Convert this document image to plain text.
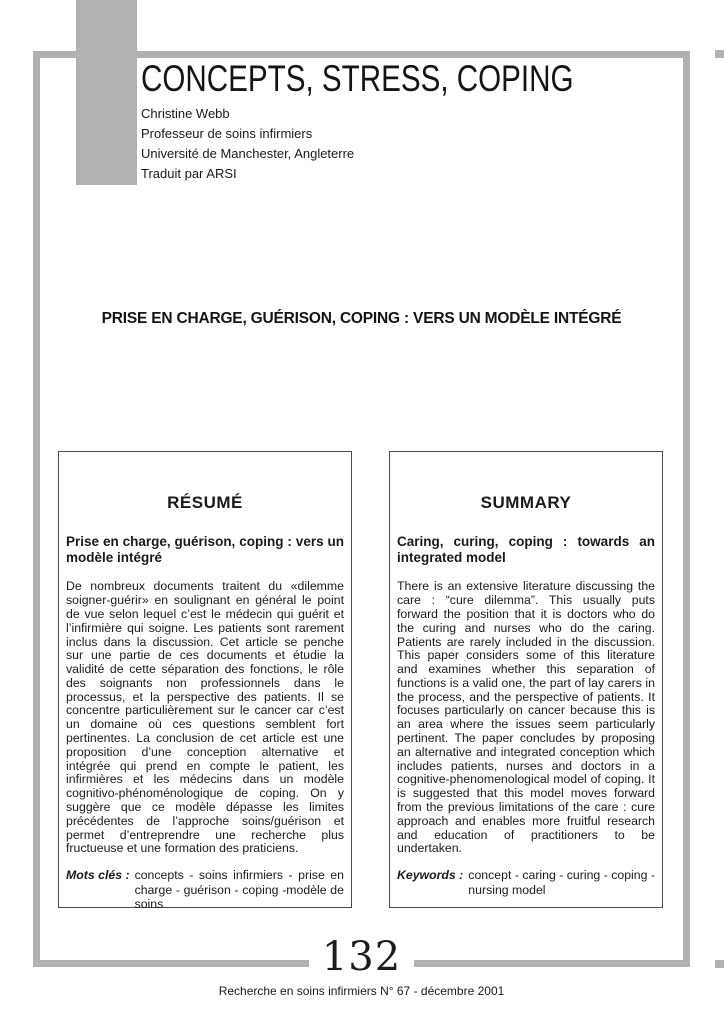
CONCEPTS, STRESS, COPING
Christine Webb
Professeur de soins infirmiers
Université de Manchester, Angleterre
Traduit par ARSI
PRISE EN CHARGE, GUÉRISON, COPING : VERS UN MODÈLE INTÉGRÉ
RÉSUMÉ
Prise en charge, guérison, coping : vers un modèle intégré

De nombreux documents traitent du «dilemme soigner-guérir» en soulignant en général le point de vue selon lequel c’est le médecin qui guérit et l’infirmière qui soigne. Les patients sont rarement inclus dans la discussion. Cet article se penche sur une partie de ces documents et étudie la validité de cette séparation des fonctions, le rôle des soignants non professionnels dans le processus, et la perspective des patients. Il se concentre particulièrement sur le cancer car c’est un domaine où ces questions semblent fort pertinentes. La conclusion de cet article est une proposition d’une conception alternative et intégrée qui prend en compte le patient, les infirmières et les médecins dans un modèle cognitivo-phénoménologique de coping. On y suggère que ce modèle dépasse les limites précédentes de l’approche soins/guérison et permet d’entreprendre une recherche plus fructueuse et une formation des praticiens.

Mots clés : concepts - soins infirmiers - prise en charge - guérison - coping -modèle de soins
SUMMARY
Caring, curing, coping : towards an integrated model

There is an extensive literature discussing the care : “cure dilemma”. This usually puts forward the position that it is doctors who do the curing and nurses who do the caring. Patients are rarely included in the discussion. This paper considers some of this literature and examines whether this separation of functions is a valid one, the part of lay carers in the process, and the perspective of patients. It focuses particularly on cancer because this is an area where the issues seem particularly pertinent. The paper concludes by proposing an alternative and integrated conception which includes patients, nurses and doctors in a cognitive-phenomenological model of coping. It is suggested that this model moves forward from the previous limitations of the care : cure approach and enables more fruitful research and education of practitioners to be undertaken.

Keywords : concept - caring - curing - coping - nursing model
132
Recherche en soins infirmiers N° 67 - décembre 2001
